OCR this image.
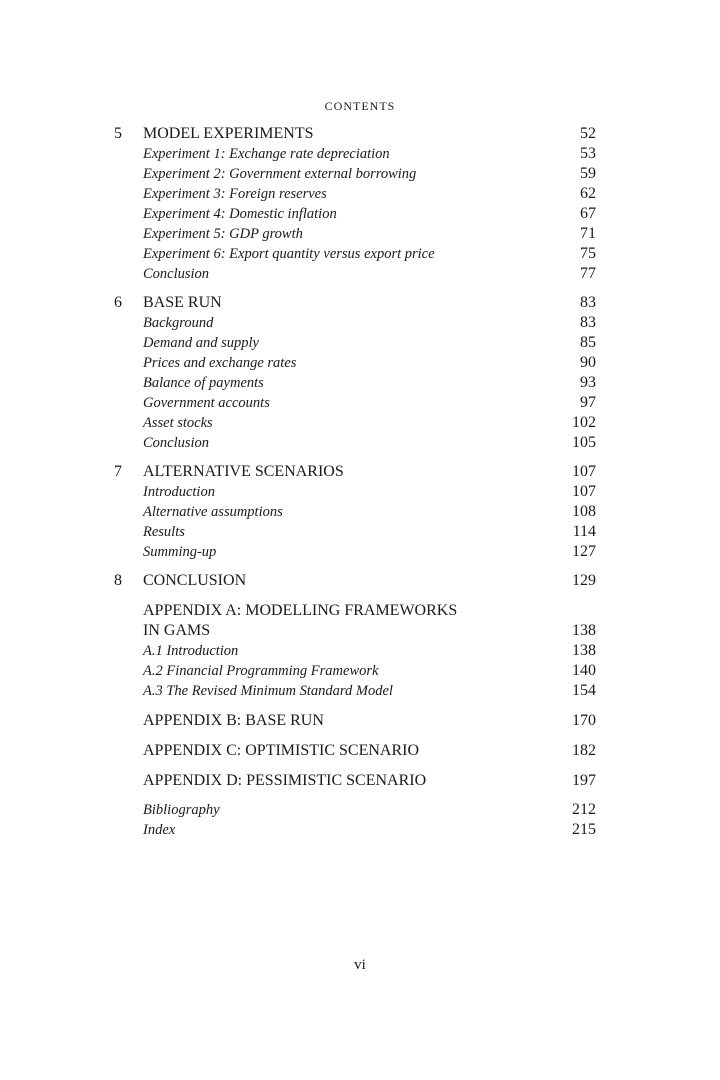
CONTENTS
5	MODEL EXPERIMENTS	52
Experiment 1: Exchange rate depreciation	53
Experiment 2: Government external borrowing	59
Experiment 3: Foreign reserves	62
Experiment 4: Domestic inflation	67
Experiment 5: GDP growth	71
Experiment 6: Export quantity versus export price	75
Conclusion	77
6	BASE RUN	83
Background	83
Demand and supply	85
Prices and exchange rates	90
Balance of payments	93
Government accounts	97
Asset stocks	102
Conclusion	105
7	ALTERNATIVE SCENARIOS	107
Introduction	107
Alternative assumptions	108
Results	114
Summing-up	127
8	CONCLUSION	129
APPENDIX A: MODELLING FRAMEWORKS
IN GAMS	138
A.1 Introduction	138
A.2 Financial Programming Framework	140
A.3 The Revised Minimum Standard Model	154
APPENDIX B: BASE RUN	170
APPENDIX C: OPTIMISTIC SCENARIO	182
APPENDIX D: PESSIMISTIC SCENARIO	197
Bibliography	212
Index	215
vi
